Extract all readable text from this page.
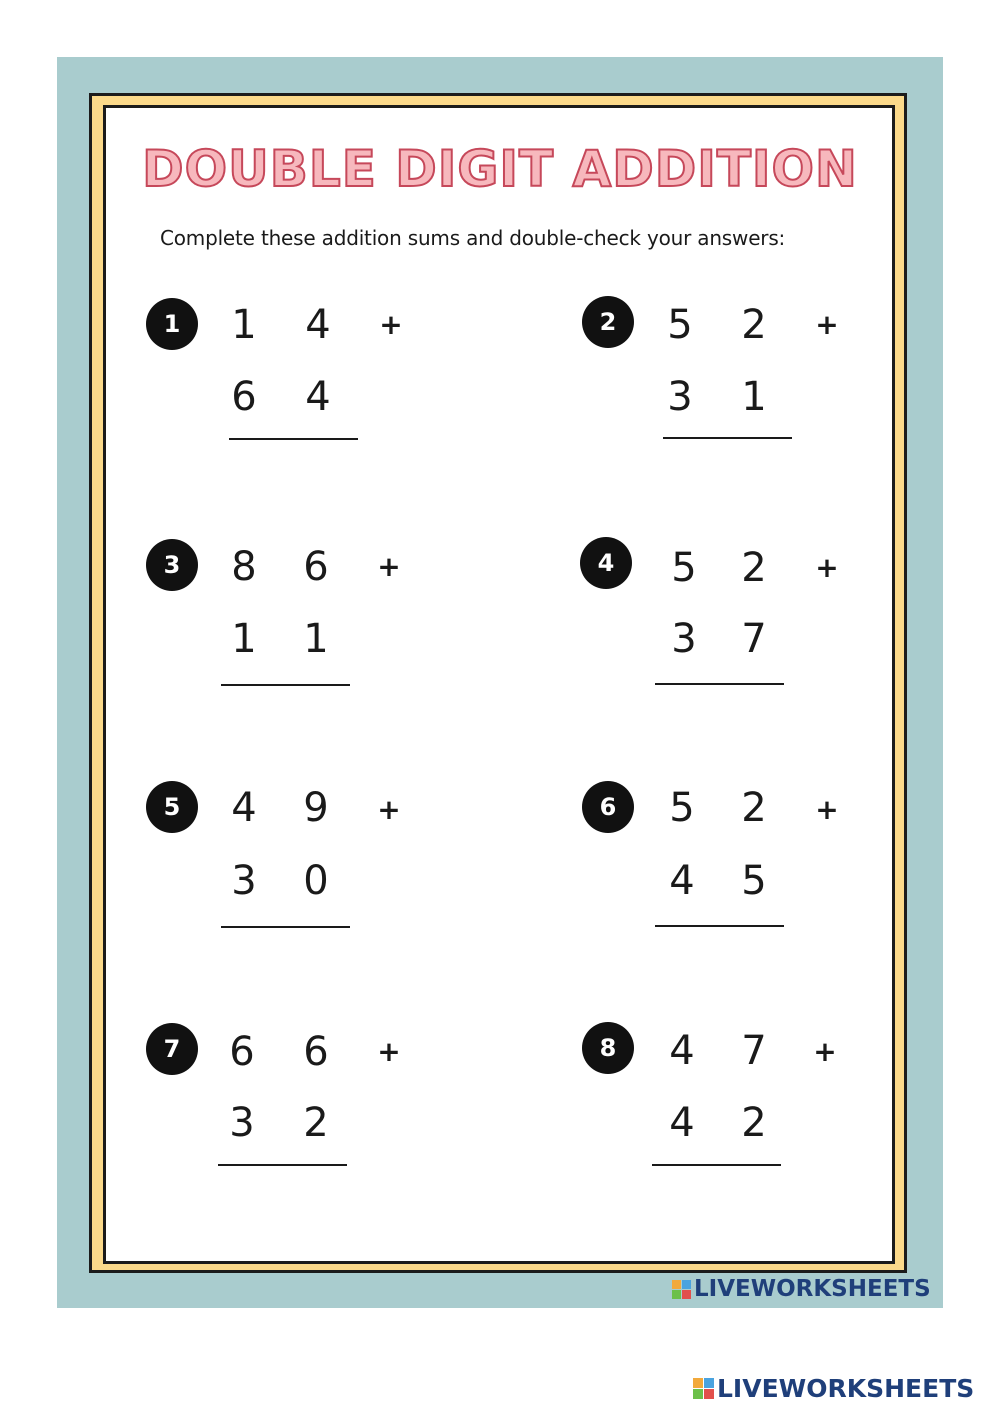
DOUBLE DIGIT ADDITION
Complete these addition sums and double-check your answers:
1	1 4 +
6 4
2	5 2 +
3 1
3	8 6 +
1 1
4	5 2 +
3 7
5	4 9 +
3 0
6	5 2 +
4 5
7	6 6 +
3 2
8	4 7 +
4 2
LIVEWORKSHEETS
LIVEWORKSHEETS
